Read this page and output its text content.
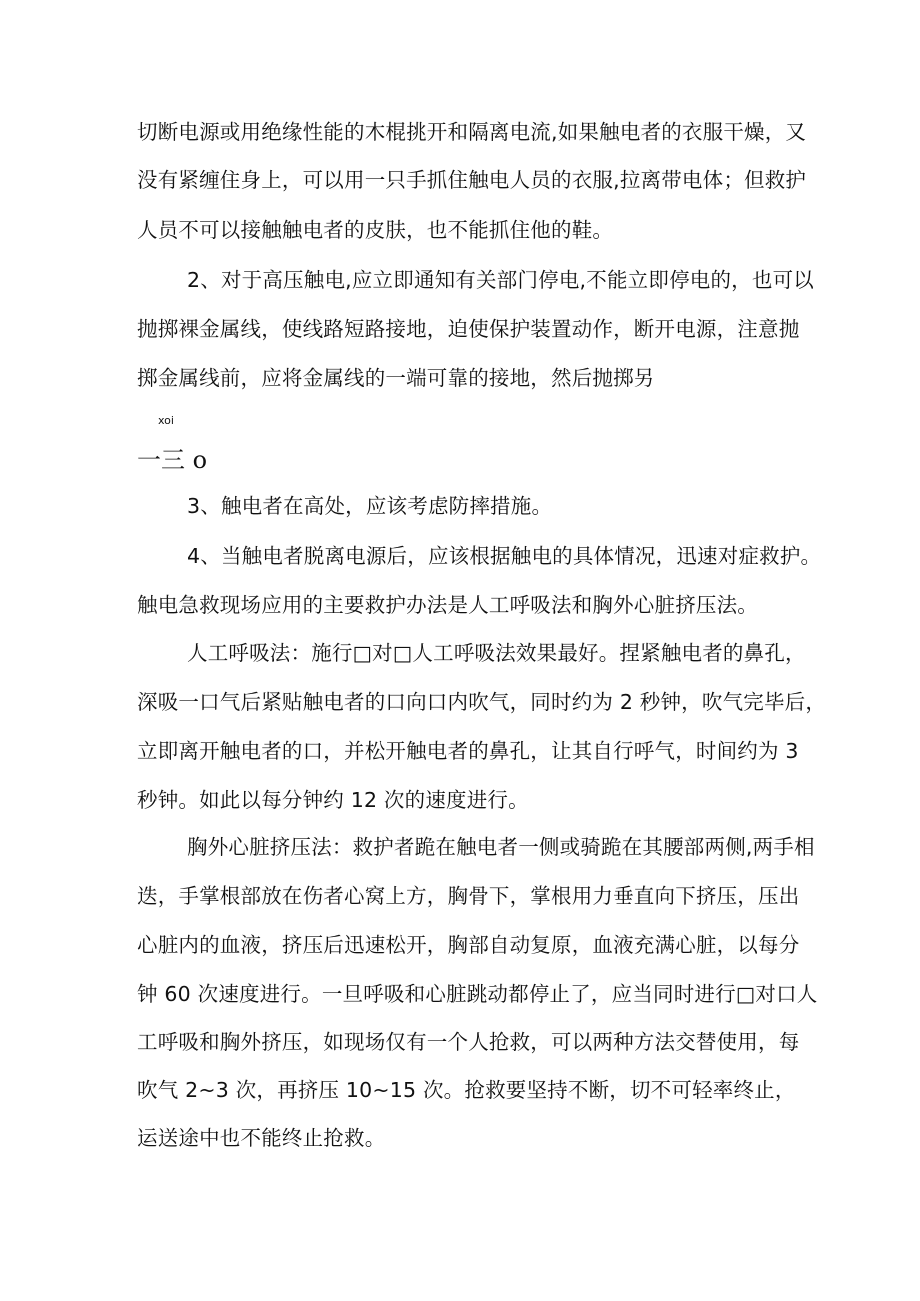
切断电源或用绝缘性能的木棍挑开和隔离电流,如果触电者的衣服干燥，又
没有紧缠住身上，可以用一只手抓住触电人员的衣服,拉离带电体；但救护
人员不可以接触触电者的皮肤，也不能抓住他的鞋。
2、对于高压触电,应立即通知有关部门停电,不能立即停电的，也可以
抛掷裸金属线，使线路短路接地，迫使保护装置动作，断开电源，注意抛
掷金属线前，应将金属线的一端可靠的接地，然后抛掷另
xoi
一三 o
3、触电者在高处，应该考虑防摔措施。
4、当触电者脱离电源后，应该根据触电的具体情况，迅速对症救护。
触电急救现场应用的主要救护办法是人工呼吸法和胸外心脏挤压法。
人工呼吸法：施行□对□人工呼吸法效果最好。捏紧触电者的鼻孔，
深吸一口气后紧贴触电者的口向口内吹气，同时约为 2 秒钟，吹气完毕后，
立即离开触电者的口，并松开触电者的鼻孔，让其自行呼气，时间约为 3
秒钟。如此以每分钟约 12 次的速度进行。
胸外心脏挤压法：救护者跪在触电者一侧或骑跪在其腰部两侧,两手相
迭，手掌根部放在伤者心窝上方，胸骨下，掌根用力垂直向下挤压，压出
心脏内的血液，挤压后迅速松开，胸部自动复原，血液充满心脏，以每分
钟 60 次速度进行。一旦呼吸和心脏跳动都停止了，应当同时进行□对口人
工呼吸和胸外挤压，如现场仅有一个人抢救，可以两种方法交替使用，每
吹气 2~3 次，再挤压 10~15 次。抢救要坚持不断，切不可轻率终止，
运送途中也不能终止抢救。
